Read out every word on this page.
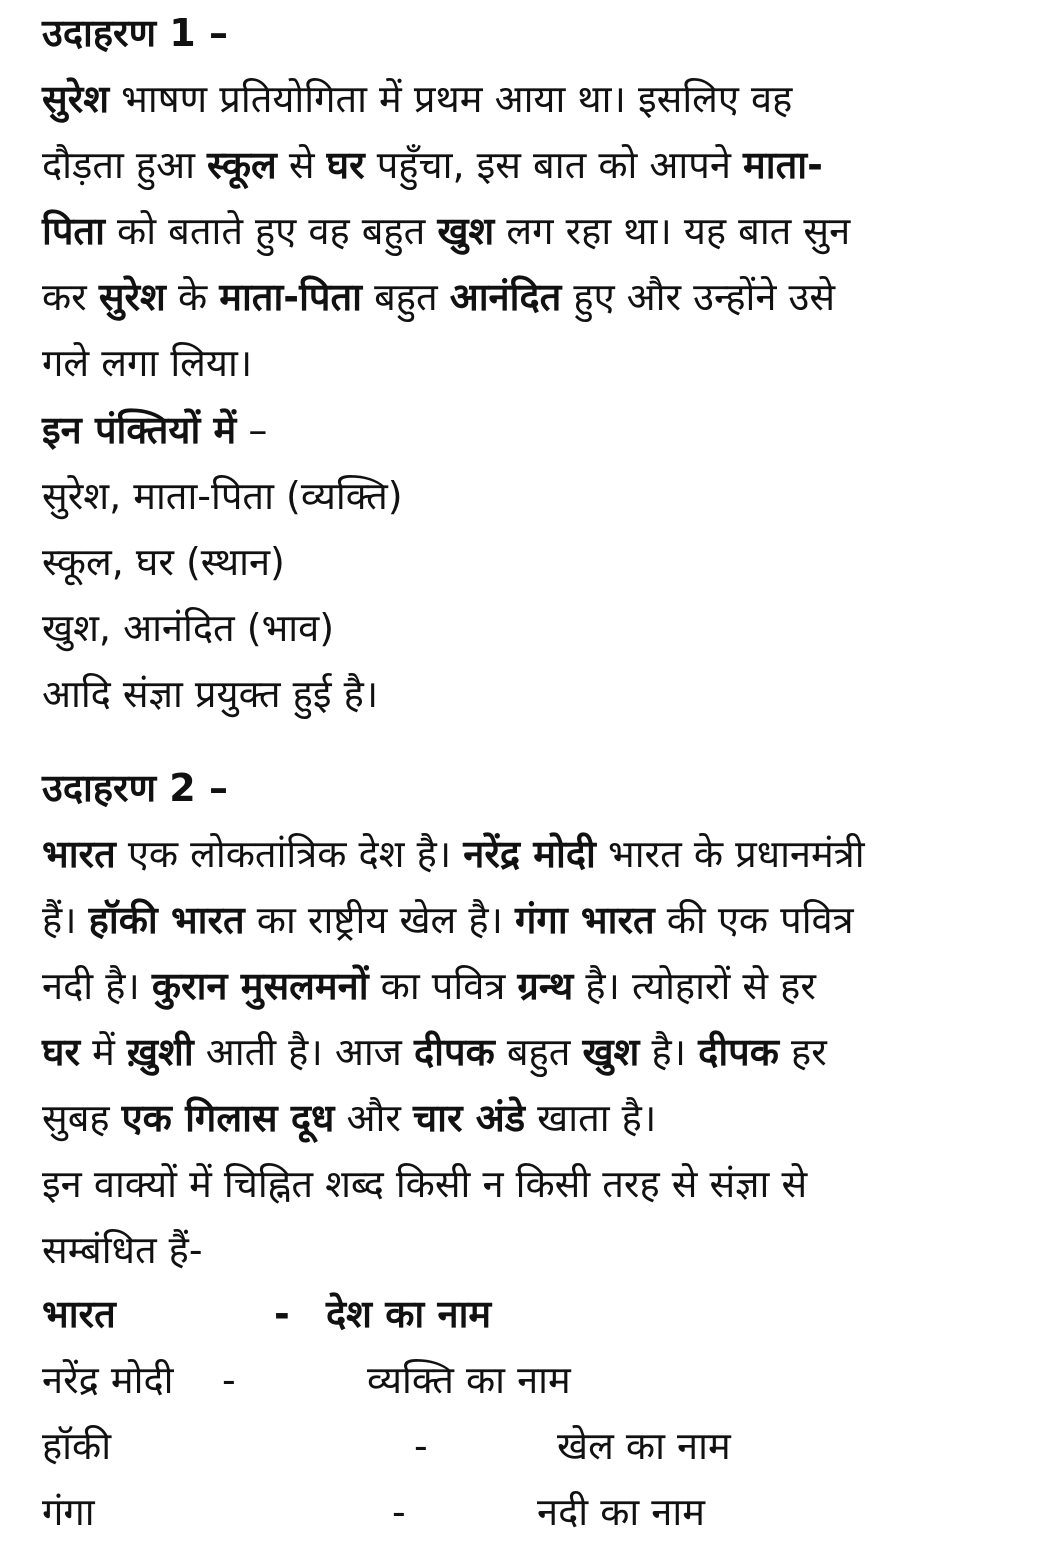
उदाहरण 1 –
सुरेश भाषण प्रतियोगिता में प्रथम आया था। इसलिए वह
दौड़ता हुआ स्कूल से घर पहुँचा, इस बात को आपने माता-
पिता को बताते हुए वह बहुत खुश लग रहा था। यह बात सुन
कर सुरेश के माता-पिता बहुत आनंदित हुए और उन्होंने उसे
गले लगा लिया।
इन पंक्तियों में –
सुरेश, माता-पिता (व्यक्ति)
स्कूल, घर (स्थान)
खुश, आनंदित (भाव)
आदि संज्ञा प्रयुक्त हुई है।
उदाहरण 2 –
भारत एक लोकतांत्रिक देश है। नरेंद्र मोदी भारत के प्रधानमंत्री
हैं। हॉकी भारत का राष्ट्रीय खेल है। गंगा भारत की एक पवित्र
नदी है। कुरान मुसलमनों का पवित्र ग्रन्थ है। त्योहारों से हर
घर में ख़ुशी आती है। आज दीपक बहुत खुश है। दीपक हर
सुबह एक गिलास दूध और चार अंडे खाता है।
इन वाक्यों में चिह्नित शब्द किसी न किसी तरह से संज्ञा से
सम्बंधित हैं-
भारत	- देश का नाम
नरेंद्र मोदी -	व्यक्ति का नाम
हॉकी	-	खेल का नाम
गंगा	-	नदी का नाम
